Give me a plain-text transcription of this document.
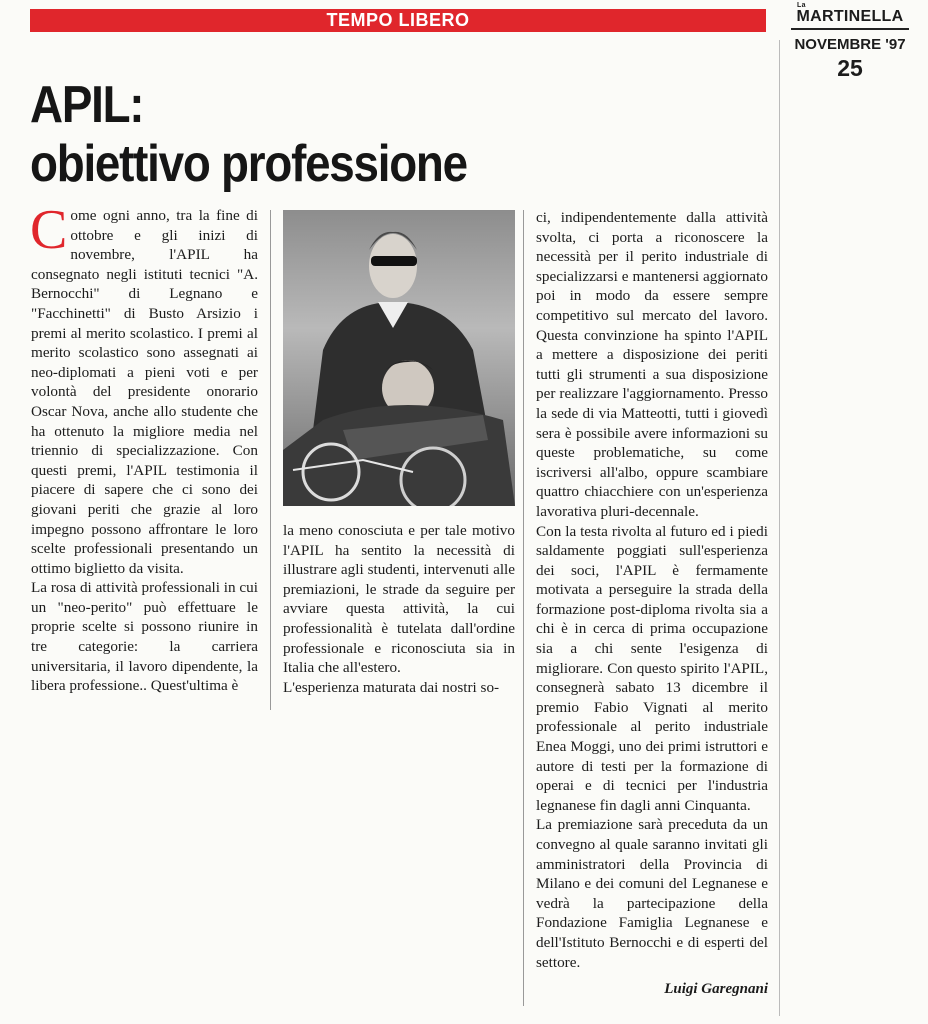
TEMPO LIBERO
La
MARTINELLA
NOVEMBRE '97
25
APIL:
obiettivo professione

Come ogni anno, tra la fine di ottobre e gli inizi di novembre, l'APIL ha consegnato negli istituti tecnici "A. Bernocchi" di Legnano e "Facchinetti" di Busto Arsizio i premi al merito scolastico. I premi al merito scolastico sono assegnati ai neo-diplomati a pieni voti e per volontà del presidente onorario Oscar Nova, anche allo studente che ha ottenuto la migliore media nel triennio di specializzazione. Con questi premi, l'APIL testimonia il piacere di sapere che ci sono dei giovani periti che grazie al loro impegno possono affrontare le loro scelte professionali presentando un ottimo biglietto da visita.

La rosa di attività professionali in cui un "neo-perito" può effettuare le proprie scelte si possono riunire in tre categorie: la carriera universitaria, il lavoro dipendente, la libera professione.. Quest'ultima è

la meno conosciuta e per tale motivo l'APIL ha sentito la necessità di illustrare agli studenti, intervenuti alle premiazioni, le strade da seguire per avviare questa attività, la cui professionalità è tutelata dall'ordine professionale e riconosciuta sia in Italia che all'estero.

L'esperienza maturata dai nostri so-

ci, indipendentemente dalla attività svolta, ci porta a riconoscere la necessità per il perito industriale di specializzarsi e mantenersi aggiornato poi in modo da essere sempre competitivo sul mercato del lavoro. Questa convinzione ha spinto l'APIL a mettere a disposizione dei periti tutti gli strumenti a sua disposizione per realizzare l'aggiornamento. Presso la sede di via Matteotti, tutti i giovedì sera è possibile avere informazioni su queste problematiche, su come iscriversi all'albo, oppure scambiare quattro chiacchiere con un'esperienza lavorativa pluri-decennale.

Con la testa rivolta al futuro ed i piedi saldamente poggiati sull'esperienza dei soci, l'APIL è fermamente motivata a perseguire la strada della formazione post-diploma rivolta sia a chi è in cerca di prima occupazione sia a chi sente l'esigenza di migliorare. Con questo spirito l'APIL, consegnerà sabato 13 dicembre il premio Fabio Vignati al merito professionale al perito industriale Enea Moggi, uno dei primi istruttori e autore di testi per la formazione di operai e di tecnici per l'industria legnanese fin dagli anni Cinquanta.

La premiazione sarà preceduta da un convegno al quale saranno invitati gli amministratori della Provincia di Milano e dei comuni del Legnanese e vedrà la partecipazione della Fondazione Famiglia Legnanese e dell'Istituto Bernocchi e di esperti del settore.

Luigi Garegnani
